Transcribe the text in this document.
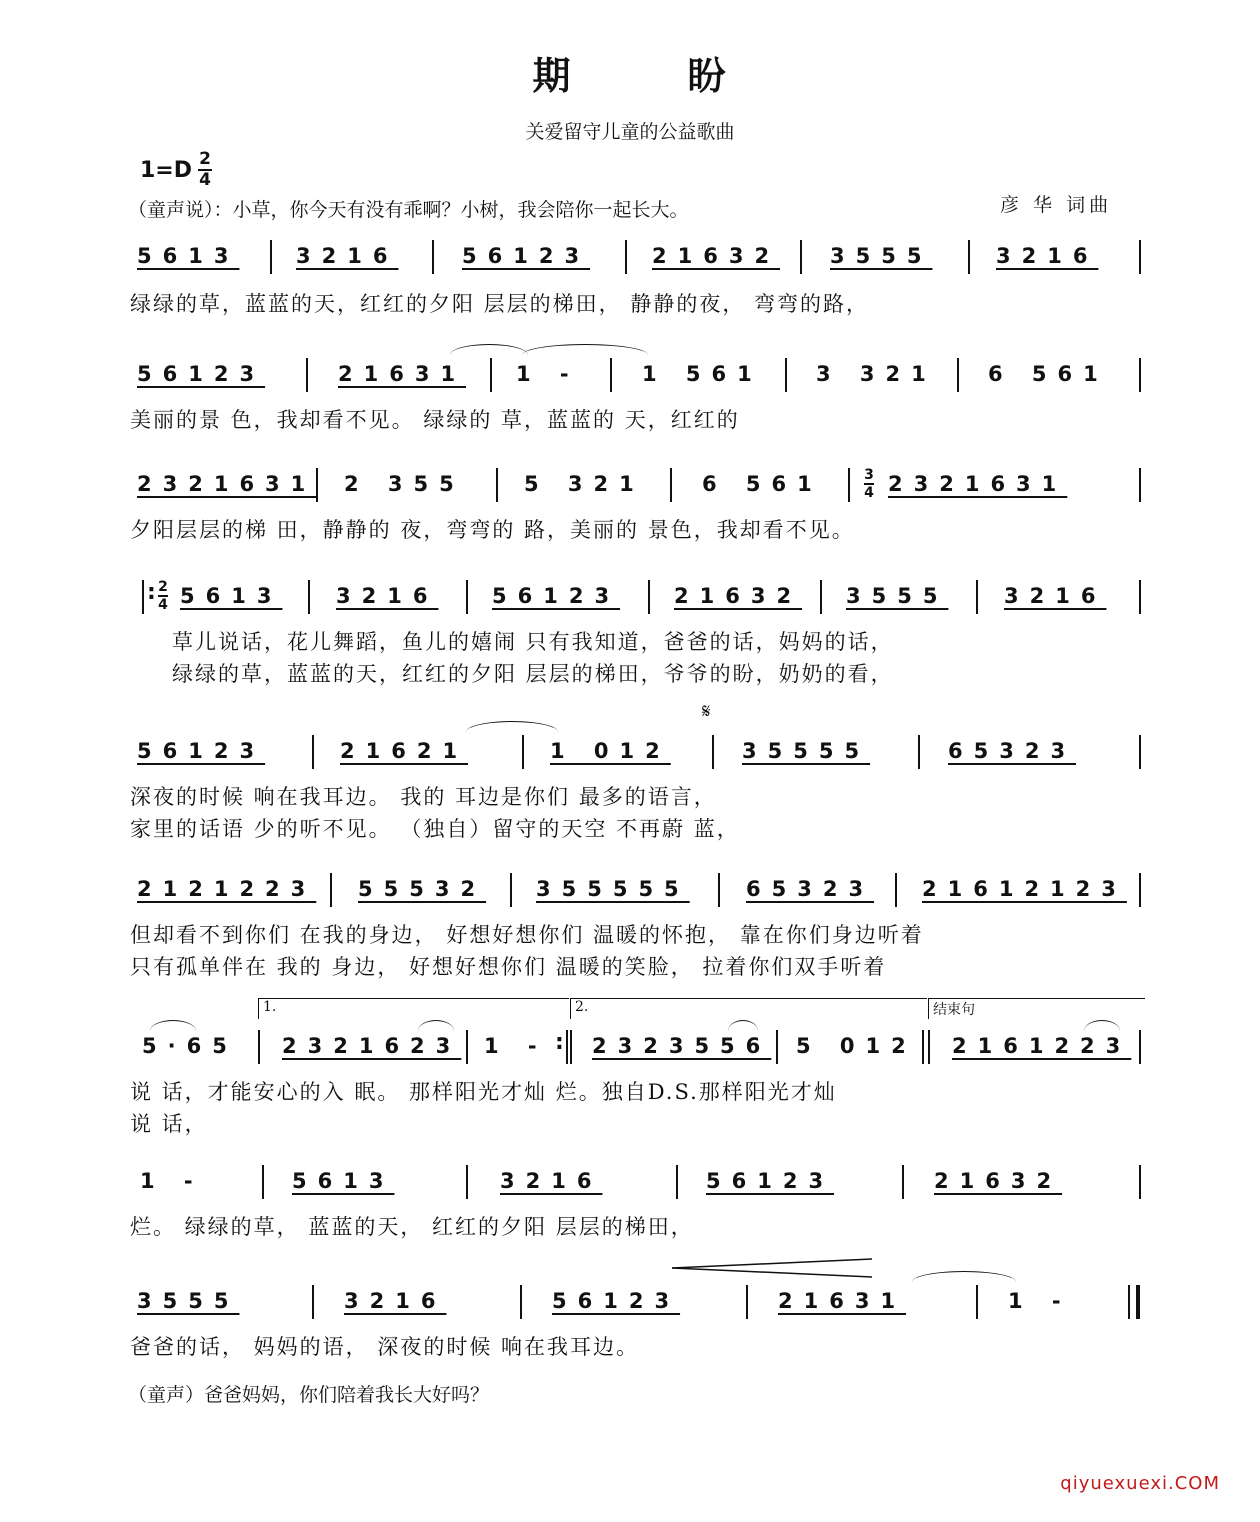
期	盼
关爱留守儿童的公益歌曲
$1=D \frac{2}{4}$
（童声说）：小草，你今天有没有乖啊？小树，我会陪你一起长大。	彦 华 词曲
5613	3216	56123	21632 3555	3216
绿绿的草，蓝蓝的天，红红的夕阳 层层的梯田， 静静的夜， 弯弯的路，
56123	21631 1 -	1 561	3 321 6 561
美丽的景 色，我却看不见。 绿绿的 草，蓝蓝的 天，红红的
2321631 2 355	5 321	6 561	3
4 2321631
夕阳层层的梯 田，静静的 夜，弯弯的 路，美丽的 景色，我却看不见。
: 2
4 5613	3216	56123	21632 3555	3216
草儿说话，花儿舞蹈，鱼儿的嬉闹 只有我知道，爸爸的话，妈妈的话，
绿绿的草，蓝蓝的天，红红的夕阳 层层的梯田，爷爷的盼，奶奶的看，
𝄋
56123	21621	1 012	35555	65323
深夜的时候 响在我耳边。 我的 耳边是你们 最多的语言，
家里的话语 少的听不见。 （独自）留守的天空 不再蔚 蓝，
2121223 55532 355555	65323 21612123
但却看不到你们 在我的身边， 好想好想你们 温暖的怀抱， 靠在你们身边听着
只有孤单伴在 我的 身边， 好想好想你们 温暖的笑脸， 拉着你们双手听着
1.	2.	结束句
5·65 2321623 1 - : 2323556 5 012 2161223
说 话，才能安心的入 眠。 那样阳光才灿 烂。独自D.S.那样阳光才灿
说 话，
1 -	5613	3216	56123	21632
烂。 绿绿的草， 蓝蓝的天， 红红的夕阳 层层的梯田，
3555	3216	56123	21631	1 -
爸爸的话， 妈妈的语， 深夜的时候 响在我耳边。
（童声）爸爸妈妈，你们陪着我长大好吗？
qiyuexuexi.COM
